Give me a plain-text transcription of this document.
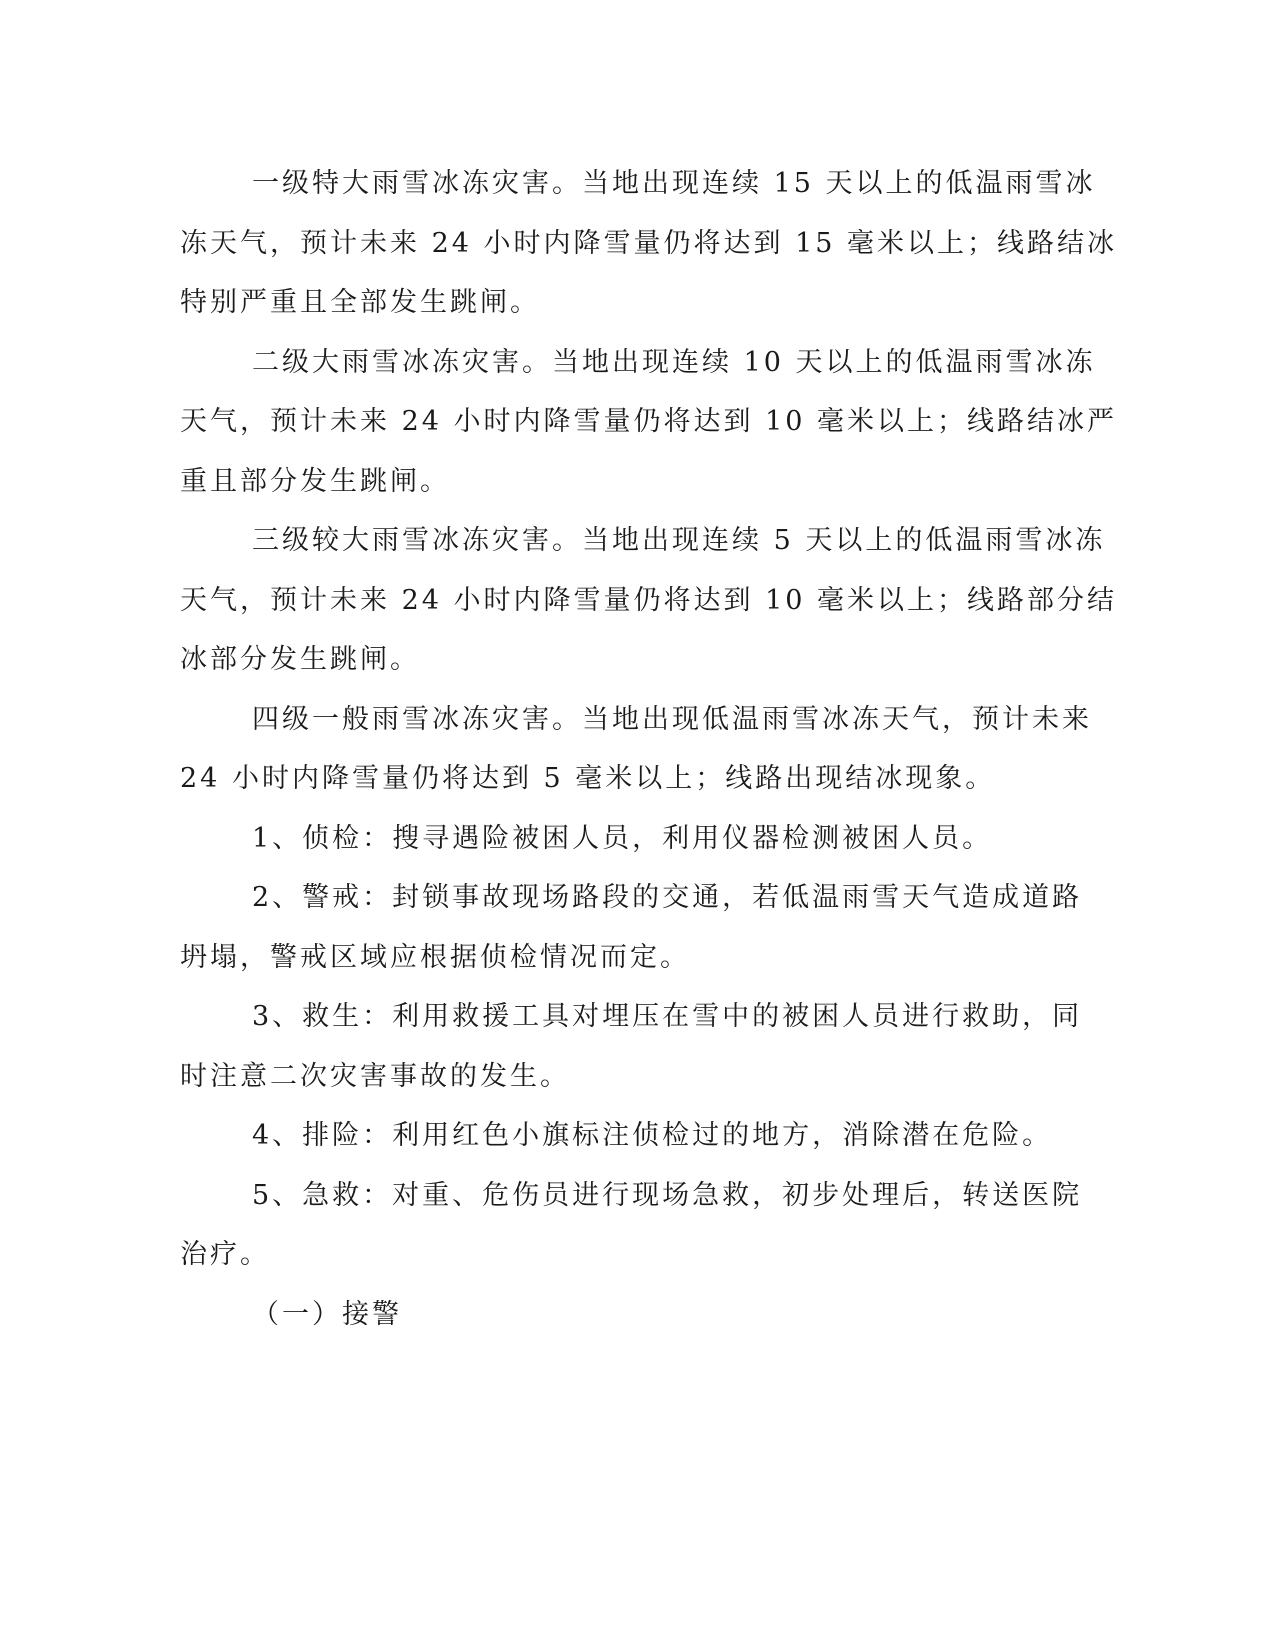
一级特大雨雪冰冻灾害。当地出现连续 15 天以上的低温雨雪冰
冻天气，预计未来 24 小时内降雪量仍将达到 15 毫米以上；线路结冰
特别严重且全部发生跳闸。

二级大雨雪冰冻灾害。当地出现连续 10 天以上的低温雨雪冰冻
天气，预计未来 24 小时内降雪量仍将达到 10 毫米以上；线路结冰严
重且部分发生跳闸。

三级较大雨雪冰冻灾害。当地出现连续 5 天以上的低温雨雪冰冻
天气，预计未来 24 小时内降雪量仍将达到 10 毫米以上；线路部分结
冰部分发生跳闸。

四级一般雨雪冰冻灾害。当地出现低温雨雪冰冻天气，预计未来
24 小时内降雪量仍将达到 5 毫米以上；线路出现结冰现象。

1、侦检：搜寻遇险被困人员，利用仪器检测被困人员。

2、警戒：封锁事故现场路段的交通，若低温雨雪天气造成道路
坍塌，警戒区域应根据侦检情况而定。

3、救生：利用救援工具对埋压在雪中的被困人员进行救助，同
时注意二次灾害事故的发生。

4、排险：利用红色小旗标注侦检过的地方，消除潜在危险。

5、急救：对重、危伤员进行现场急救，初步处理后，转送医院
治疗。

（一）接警
